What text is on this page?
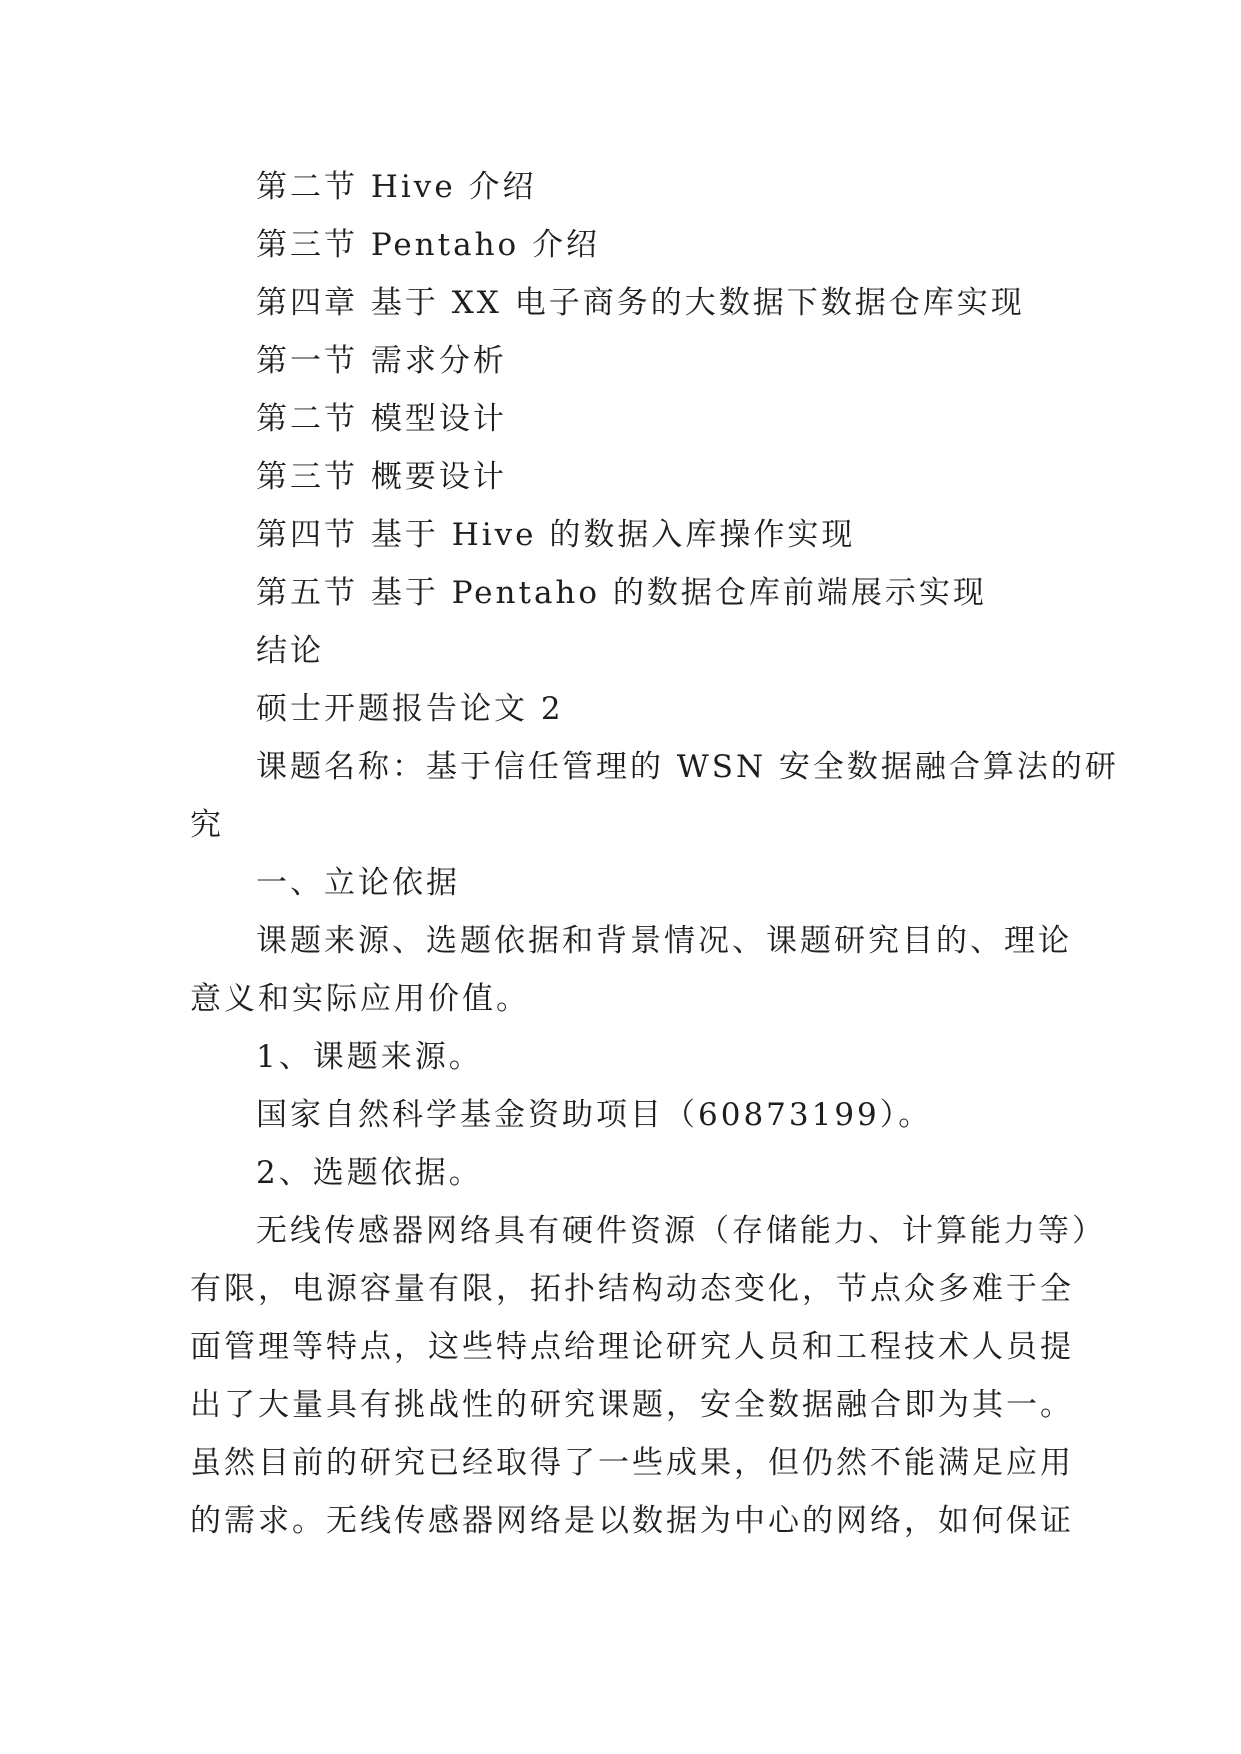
第二节 Hive 介绍

第三节 Pentaho 介绍

第四章 基于 XX 电子商务的大数据下数据仓库实现

第一节 需求分析

第二节 模型设计

第三节 概要设计

第四节 基于 Hive 的数据入库操作实现

第五节 基于 Pentaho 的数据仓库前端展示实现

结论

硕士开题报告论文 2

课题名称：基于信任管理的 WSN 安全数据融合算法的研

究

一、立论依据

课题来源、选题依据和背景情况、课题研究目的、理论

意义和实际应用价值。

1、课题来源。

国家自然科学基金资助项目（60873199）。

2、选题依据。

无线传感器网络具有硬件资源（存储能力、计算能力等）

有限，电源容量有限，拓扑结构动态变化，节点众多难于全

面管理等特点，这些特点给理论研究人员和工程技术人员提

出了大量具有挑战性的研究课题，安全数据融合即为其一。

虽然目前的研究已经取得了一些成果，但仍然不能满足应用

的需求。无线传感器网络是以数据为中心的网络，如何保证
